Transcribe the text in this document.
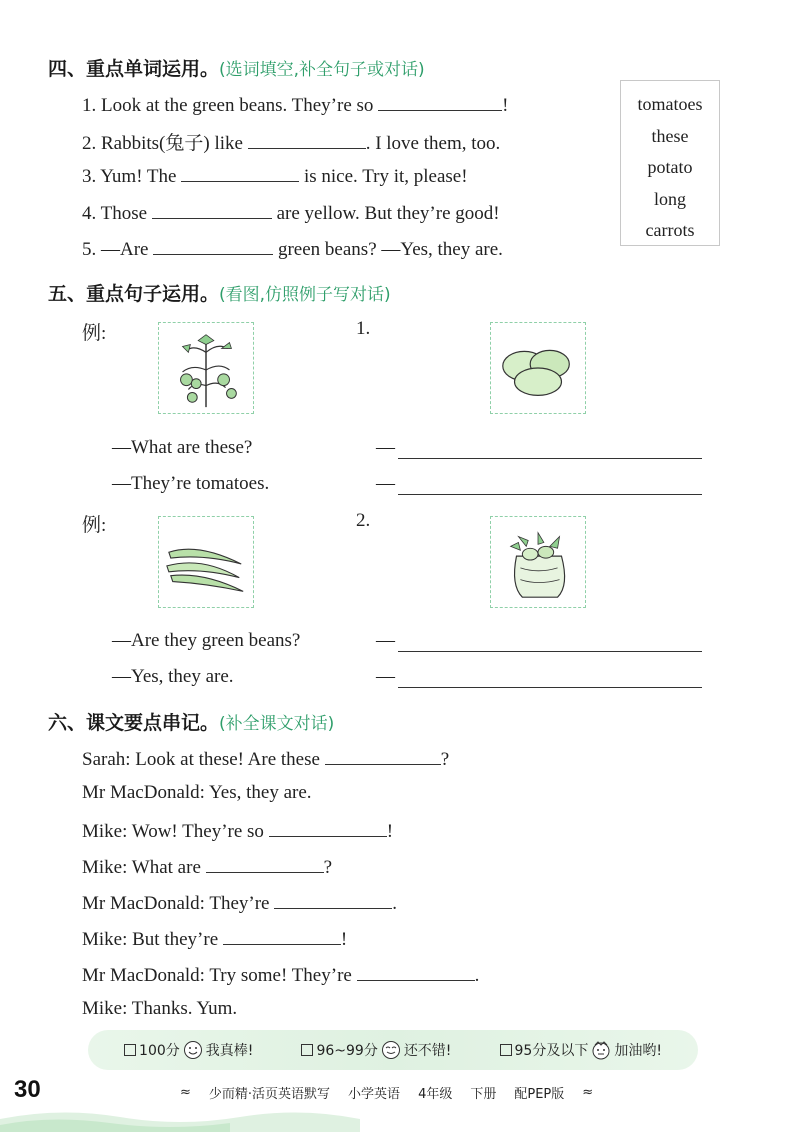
四、重点单词运用。(选词填空,补全句子或对话)
1. Look at the green beans. They’re so	!
2. Rabbits(兔子) like	. I love them, too.
3. Yum! The	is nice. Try it, please!
4. Those	are yellow. But they’re good!
5. —Are	green beans? —Yes, they are.
tomatoes
these
potato
long
carrots
五、重点句子运用。(看图,仿照例子写对话)
例:	1.
—What are these?
—They’re tomatoes.
—
—
例:	2.
—Are they green beans?
—Yes, they are.
—
—
六、课文要点串记。(补全课文对话)
Sarah: Look at these! Are these	?
Mr MacDonald: Yes, they are.
Mike: Wow! They’re so	!
Mike: What are	?
Mr MacDonald: They’re	.
Mike: But they’re	!
Mr MacDonald: Try some! They’re	.
Mike: Thanks. Yum.
100分 我真棒!	96~99分 还不错!	95分及以下 加油哟!
30	≈ 少而精·活页英语默写 小学英语 4年级 下册 配PEP版 ≈
